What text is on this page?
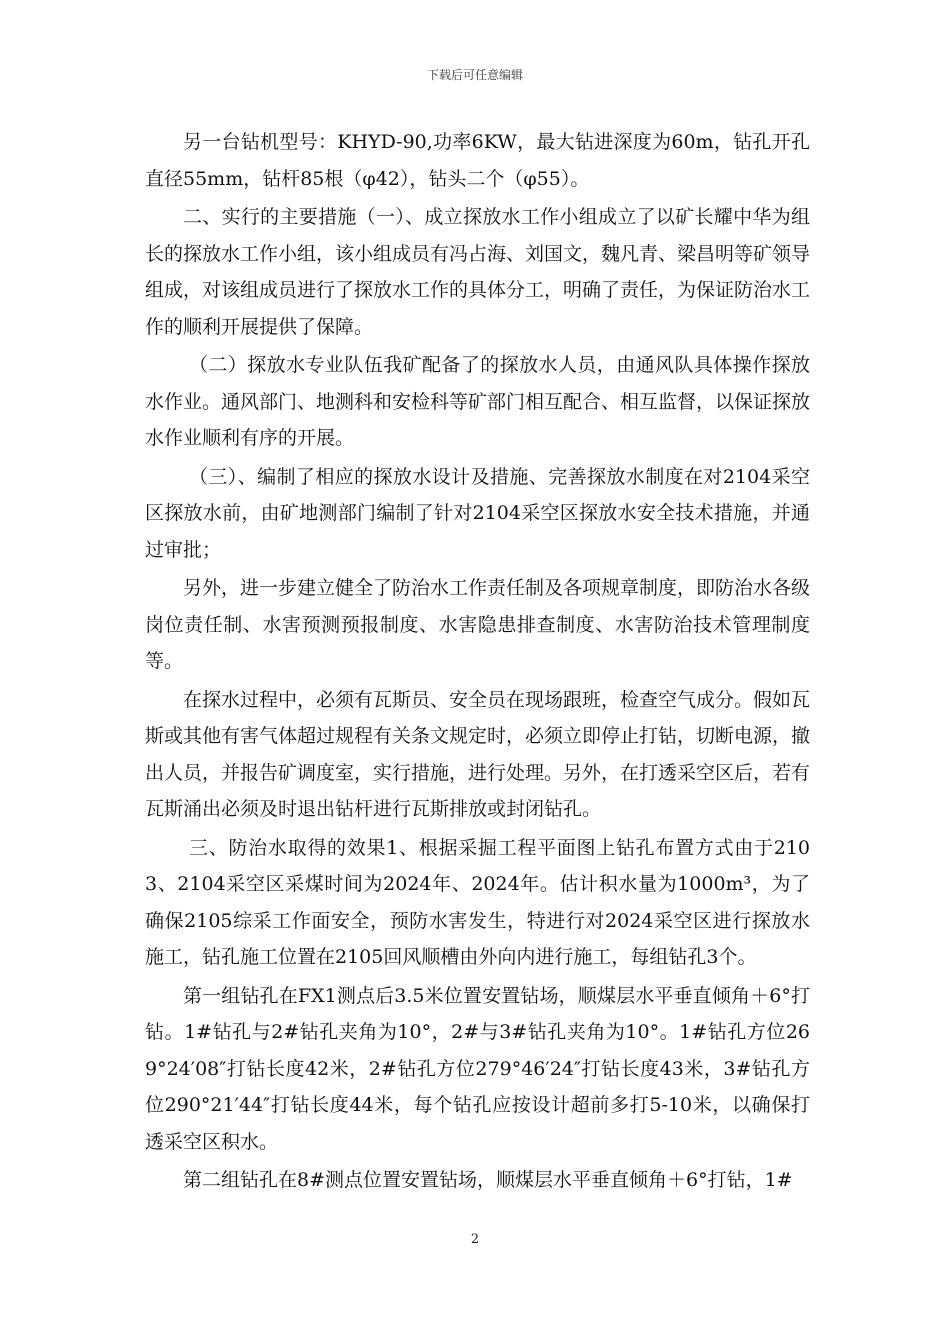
下载后可任意编辑

另一台钻机型号：KHYD-90,功率6KW，最大钻进深度为60m，钻孔开孔直径55mm，钻杆85根（φ42），钻头二个（φ55）。

二、实行的主要措施（一）、成立探放水工作小组成立了以矿长耀中华为组长的探放水工作小组，该小组成员有冯占海、刘国文，魏凡青、梁昌明等矿领导组成，对该组成员进行了探放水工作的具体分工，明确了责任，为保证防治水工作的顺利开展提供了保障。

（二）探放水专业队伍我矿配备了的探放水人员，由通风队具体操作探放水作业。通风部门、地测科和安检科等矿部门相互配合、相互监督，以保证探放水作业顺利有序的开展。

（三）、编制了相应的探放水设计及措施、完善探放水制度在对2104采空区探放水前，由矿地测部门编制了针对2104采空区探放水安全技术措施，并通过审批；

另外，进一步建立健全了防治水工作责任制及各项规章制度，即防治水各级岗位责任制、水害预测预报制度、水害隐患排查制度、水害防治技术管理制度等。

在探水过程中，必须有瓦斯员、安全员在现场跟班，检查空气成分。假如瓦斯或其他有害气体超过规程有关条文规定时，必须立即停止打钻，切断电源，撤出人员，并报告矿调度室，实行措施，进行处理。另外，在打透采空区后，若有瓦斯涌出必须及时退出钻杆进行瓦斯排放或封闭钻孔。

三、防治水取得的效果1、根据采掘工程平面图上钻孔布置方式由于2103、2104采空区采煤时间为2024年、2024年。估计积水量为1000m³，为了确保2105综采工作面安全，预防水害发生，特进行对2024采空区进行探放水施工，钻孔施工位置在2105回风顺槽由外向内进行施工，每组钻孔3个。

第一组钻孔在FX1测点后3.5米位置安置钻场，顺煤层水平垂直倾角＋6°打钻。1#钻孔与2#钻孔夹角为10°，2#与3#钻孔夹角为10°。1#钻孔方位269°24′08″打钻长度42米，2#钻孔方位279°46′24″打钻长度43米，3#钻孔方位290°21′44″打钻长度44米，每个钻孔应按设计超前多打5-10米，以确保打透采空区积水。

第二组钻孔在8#测点位置安置钻场，顺煤层水平垂直倾角＋6°打钻，1#

2
